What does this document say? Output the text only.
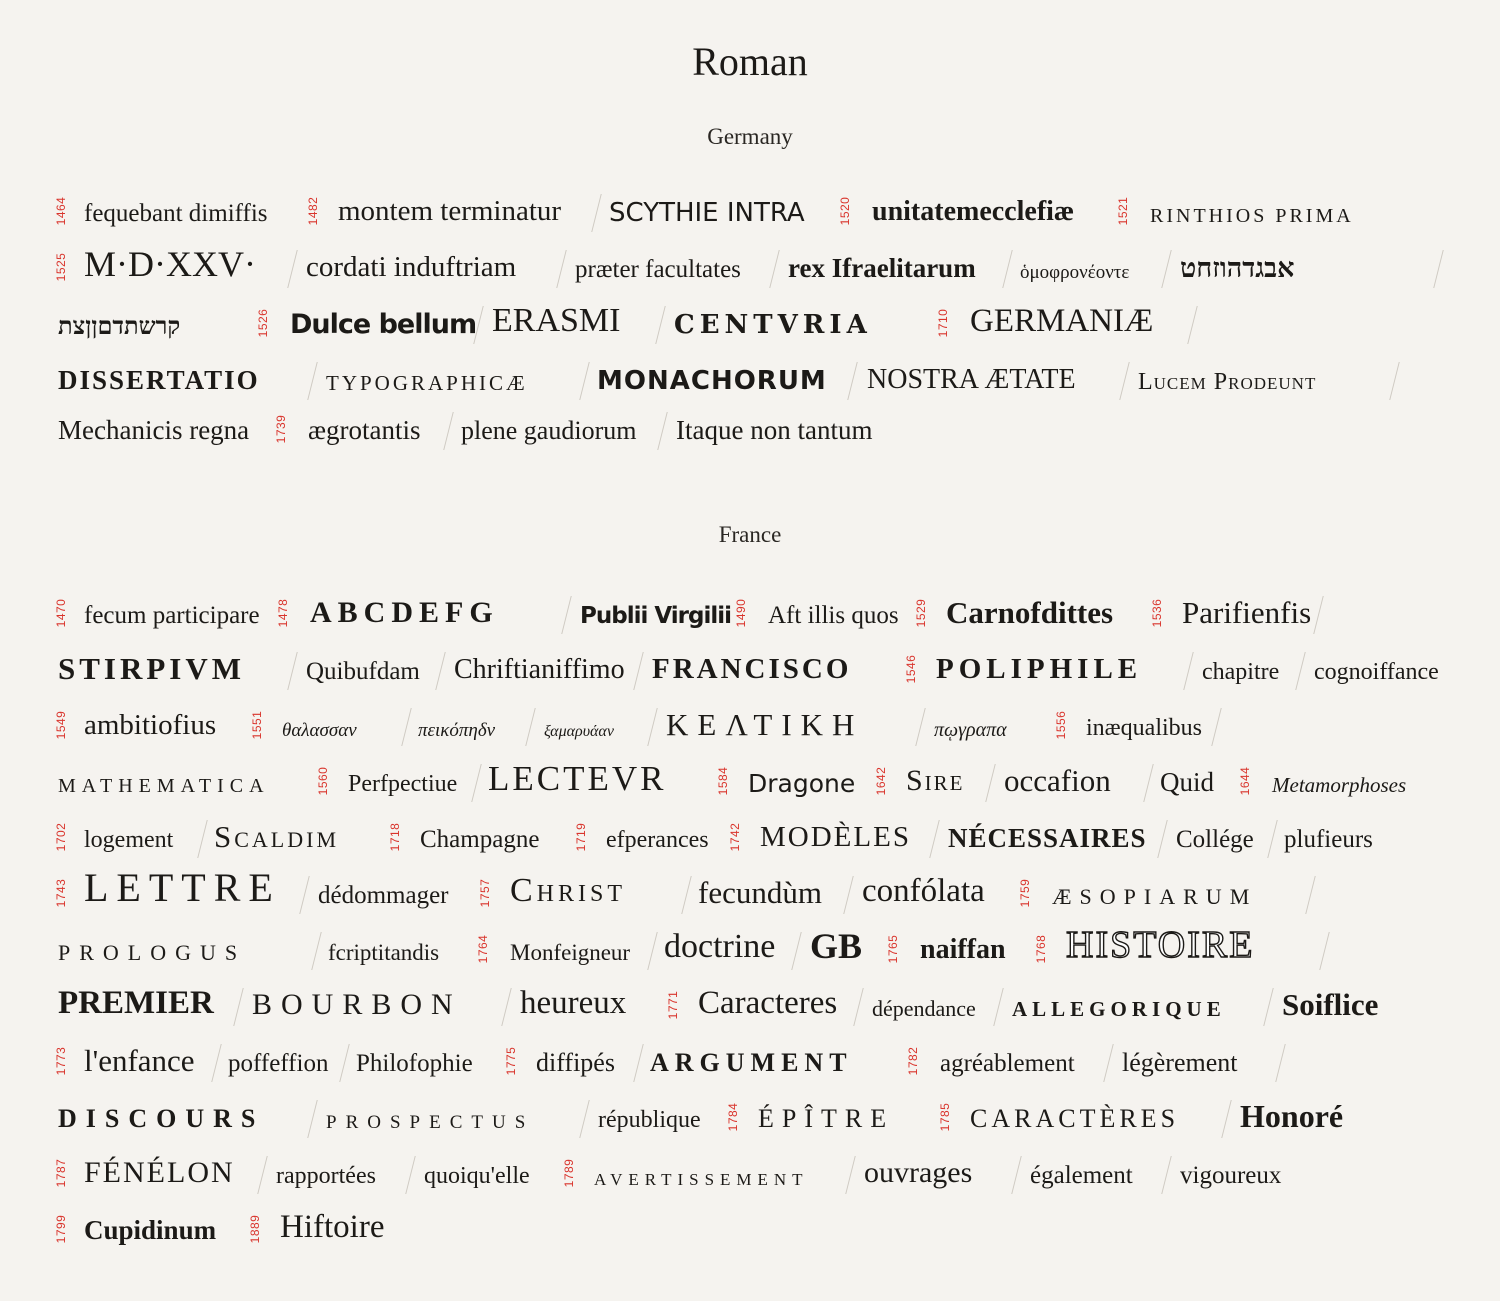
Roman
Germany
France
1464 fequebant dimiffis	1482 montem terminatur SCYTHIE INTRA	1520 unitatemecclefiæ	1521 RINTHIOS PRIMA
1525 M·D·XXV· cordati induftriam præter facultates rex Ifraelitarum ὁμοφρονέοντε אבגדהוזחט
קרשתדםןןצת	1526 Dulce bellum ERASMI CENTVRIA	1710 GERMANIÆ
DISSERTATIO	TYPOGRAPHICÆ	MONACHORUM NOSTRA ÆTATE	Lucem Prodeunt
Mechanicis regna 1739 ægrotantis plene gaudiorum Itaque non tantum
1470 fecum participare 1478 ABCDEFG	Publii Virgilii 1490 Aft illis quos 1529 Carnofdittes	1536 Parifienfis
STIRPIVM Quibufdam Chriftianiffimo FRANCISCO	1546 POLIPHILE chapitre cognoiffance
1549 ambitiofius	1551 θαλασσαν	πεικόπηδν	ξαμαρυάαν ΚΕΛΤΙΚΗ	πῳγραπα	1556 inæqualibus
MATHEMATICA	1560 Perfpectiue LECTEVR	1584 Dragone 1642 Sire occafion Quid 1644 Metamorphoses
1702 logement Scaldim	1718 Champagne	1719 efperances 1742 MODÈLES NÉCESSAIRES Collége plufieurs
1743 LETTRE dédommager 1757 Christ fecundùm confólata	1759 ÆSOPIARUM
PROLOGUS	fcriptitandis	1764 Monfeigneur doctrine GB 1765 naiffan 1768 HISTOIRE
PREMIER BOURBON heureux	1771 Caracteres dépendance ALLEGORIQUE Soiflice
1773 l'enfance poffeffion Philofophie	1775 diffipés ARGUMENT	1782 agréablement légèrement
DISCOURS	PROSPECTUS	république 1784 ÉPÎTRE	1785 CARACTÈRES Honoré
1787 FÉNÉLON rapportées quoiqu'elle	1789 AVERTISSEMENT ouvrages également vigoureux
1799 Cupidinum	1889 Hiftoire
